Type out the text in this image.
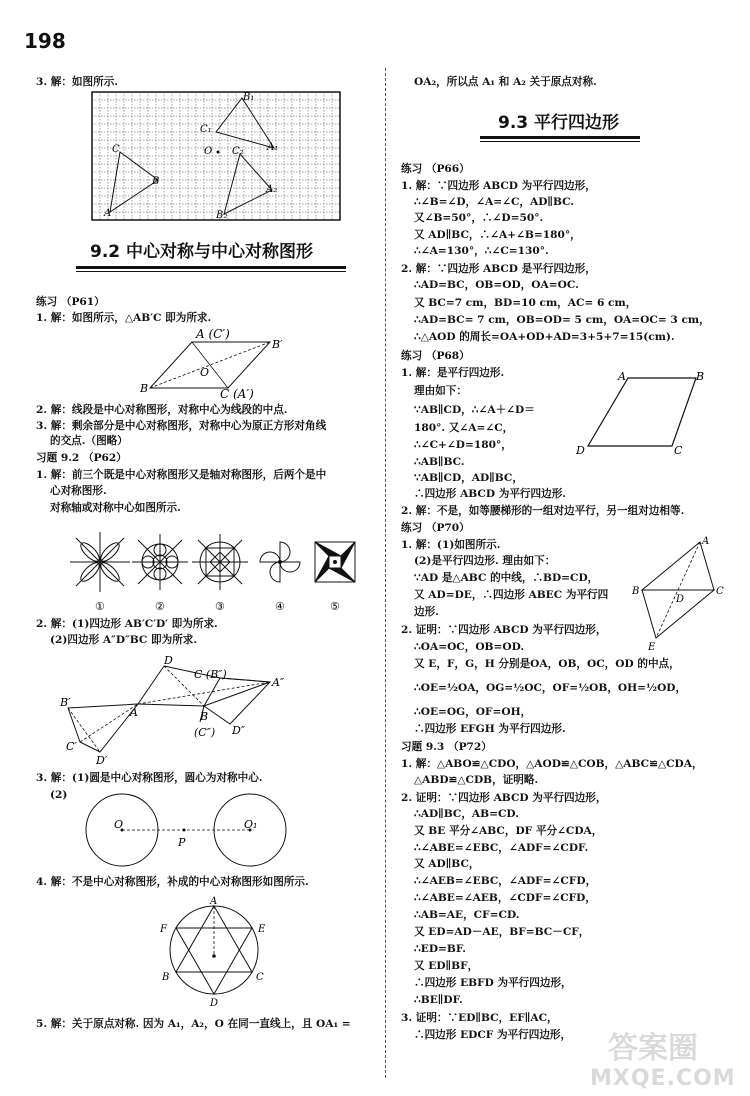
198
3. 解：如图所示.
B₁
C₁
A₁
O
C
B
A
C₂
B₂
A₂
9.2 中心对称与中心对称图形
练习 （P61）
1. 解：如图所示，△AB′C 即为所求.
A (C′)
B′
O
B	C (A′)
2. 解：线段是中心对称图形，对称中心为线段的中点.
3. 解：剩余部分是中心对称图形，对称中心为原正方形对角线
的交点.（图略）
习题 9.2 （P62）
1. 解：前三个既是中心对称图形又是轴对称图形，后两个是中
心对称图形.
对称轴或对称中心如图所示.
①	②	③	④	⑤
2. 解：(1)四边形 AB′C′D′ 即为所求.
(2)四边形 A″D″BC 即为所求.
D
C (B″)
A″
B′
A	B
(C″) D″
C′
D′
3. 解：(1)圆是中心对称图形，圆心为对称中心.
(2)
O	O₁
P
4. 解：不是中心对称图形，补成的中心对称图形如图所示.
A
F	E
B	C
D
5. 解：关于原点对称. 因为 A₁，A₂，O 在同一直线上，且 OA₁ =
OA₂，所以点 A₁ 和 A₂ 关于原点对称.
9.3 平行四边形
练习 （P66）
1. 解：∵四边形 ABCD 为平行四边形，
∴∠B=∠D，∠A=∠C，AD∥BC.
又∠B=50°，∴∠D=50°.
又 AD∥BC，∴∠A+∠B=180°，
∴∠A=130°，∴∠C=130°.
2. 解：∵四边形 ABCD 是平行四边形，
∴AD=BC，OB=OD，OA=OC.
又 BC=7 cm，BD=10 cm，AC= 6 cm，
∴AD=BC= 7 cm，OB=OD= 5 cm，OA=OC= 3 cm，
∴△AOD 的周长=OA+OD+AD=3+5+7=15(cm).
练习 （P68）
1. 解：是平行四边形.
理由如下：
∵AB∥CD，∴∠A＋∠D＝
180°. 又∠A=∠C，
∴∠C+∠D=180°，
∴AB∥BC.
∵AB∥CD，AD∥BC，
∴四边形 ABCD 为平行四边形.
A	B
C
D
2. 解：不是，如等腰梯形的一组对边平行，另一组对边相等.
练习 （P70）
1. 解：(1)如图所示.
(2)是平行四边形. 理由如下：
∵AD 是△ABC 的中线，∴BD=CD，
又 AD=DE，∴四边形 ABEC 为平行四
边形.
A
B	C
D
E
2. 证明：∵四边形 ABCD 为平行四边形，
∴OA=OC，OB=OD.
又 E，F，G，H 分别是OA，OB，OC，OD 的中点，
∴OE=½OA，OG=½OC，OF=½OB，OH=½OD，
∴OE=OG，OF=OH，
∴四边形 EFGH 为平行四边形.
习题 9.3 （P72）
1. 解：△ABO≌△CDO，△AOD≌△COB，△ABC≌△CDA，
△ABD≌△CDB，证明略.
2. 证明：∵四边形 ABCD 为平行四边形，
∴AD∥BC，AB=CD.
又 BE 平分∠ABC，DF 平分∠CDA，
∴∠ABE=∠EBC，∠ADF=∠CDF.
又 AD∥BC，
∴∠AEB=∠EBC，∠ADF=∠CFD，
∴∠ABE=∠AEB，∠CDF=∠CFD，
∴AB=AE，CF=CD.
又 ED=AD－AE，BF=BC－CF，
∴ED=BF.
又 ED∥BF，
∴四边形 EBFD 为平行四边形，
∴BE∥DF.
3. 证明：∵ED∥BC，EF∥AC，
∴四边形 EDCF 为平行四边形， 答案圈
MXQE.COM
